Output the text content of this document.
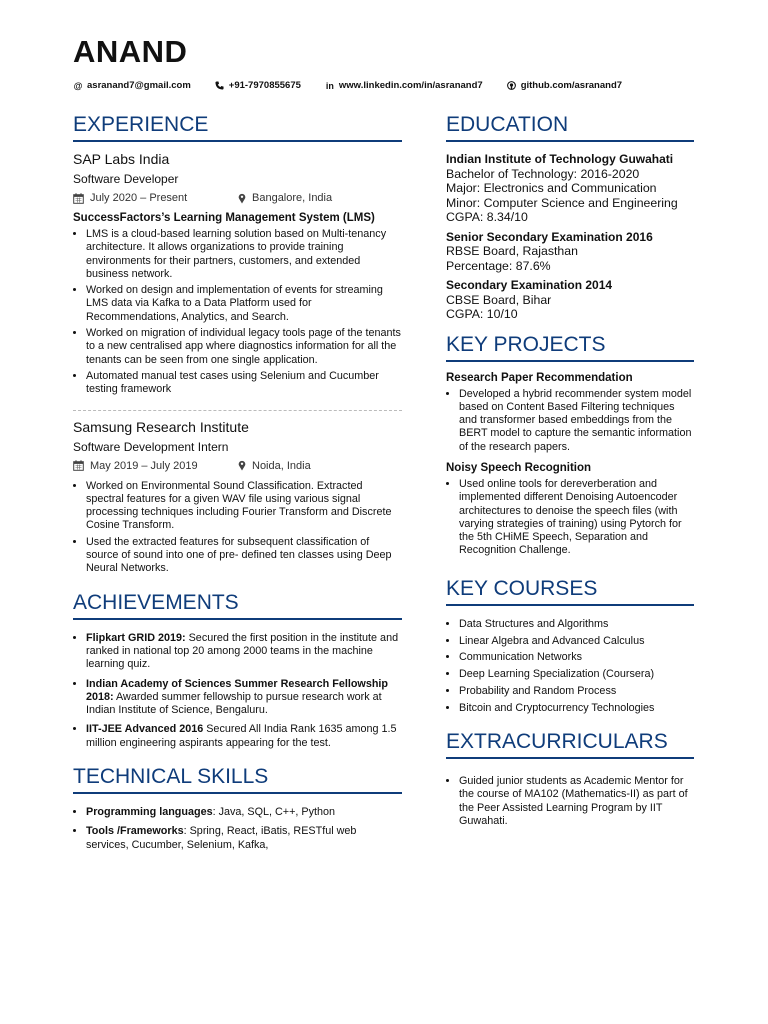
ANAND
@ asranand7@gmail.com	+91-7970855675	in www.linkedin.com/in/asranand7	github.com/asranand7
EXPERIENCE
SAP Labs India
Software Developer
July 2020 – Present	Bangalore, India
SuccessFactors’s Learning Management System (LMS)
• LMS is a cloud-based learning solution based on Multi-tenancy architecture. It allows organizations to provide training environments for their partners, customers, and extended business network.
• Worked on design and implementation of events for streaming LMS data via Kafka to a Data Platform used for Recommendations, Analytics, and Search.
• Worked on migration of individual legacy tools page of the tenants to a new centralised app where diagnostics information for all the tenants can be seen from one single application.
• Automated manual test cases using Selenium and Cucumber testing framework
Samsung Research Institute
Software Development Intern
May 2019 – July 2019	Noida, India
• Worked on Environmental Sound Classification. Extracted spectral features for a given WAV file using various signal processing techniques including Fourier Transform and Discrete Cosine Transform.
• Used the extracted features for subsequent classification of source of sound into one of pre- defined ten classes using Deep Neural Networks.
ACHIEVEMENTS
• Flipkart GRID 2019: Secured the first position in the institute and ranked in national top 20 among 2000 teams in the machine learning quiz.
• Indian Academy of Sciences Summer Research Fellowship 2018: Awarded summer fellowship to pursue research work at Indian Institute of Science, Bengaluru.
• IIT-JEE Advanced 2016 Secured All India Rank 1635 among 1.5 million engineering aspirants appearing for the test.
TECHNICAL SKILLS
• Programming languages: Java, SQL, C++, Python
• Tools /Frameworks: Spring, React, iBatis, RESTful web services, Cucumber, Selenium, Kafka,
EDUCATION

Indian Institute of Technology Guwahati

Bachelor of Technology: 2016-2020

Major: Electronics and Communication

Minor: Computer Science and Engineering

CGPA: 8.34/10

Senior Secondary Examination 2016

RBSE Board, Rajasthan

Percentage: 87.6%

Secondary Examination 2014

CBSE Board, Bihar

CGPA: 10/10

KEY PROJECTS
Research Paper Recommendation
• Developed a hybrid recommender system model based on Content Based Filtering techniques and transformer based embeddings from the BERT model to capture the semantic information of the research papers.
Noisy Speech Recognition
• Used online tools for dereverberation and implemented different Denoising Autoencoder architectures to denoise the speech files (with varying strategies of training) using Pytorch for the 5th CHiME Speech, Separation and Recognition Challenge.
KEY COURSES
• Data Structures and Algorithms
• Linear Algebra and Advanced Calculus
• Communication Networks
• Deep Learning Specialization (Coursera)
• Probability and Random Process
• Bitcoin and Cryptocurrency Technologies
EXTRACURRICULARS
• Guided junior students as Academic Mentor for the course of MA102 (Mathematics-II) as part of the Peer Assisted Learning Program by IIT Guwahati.
